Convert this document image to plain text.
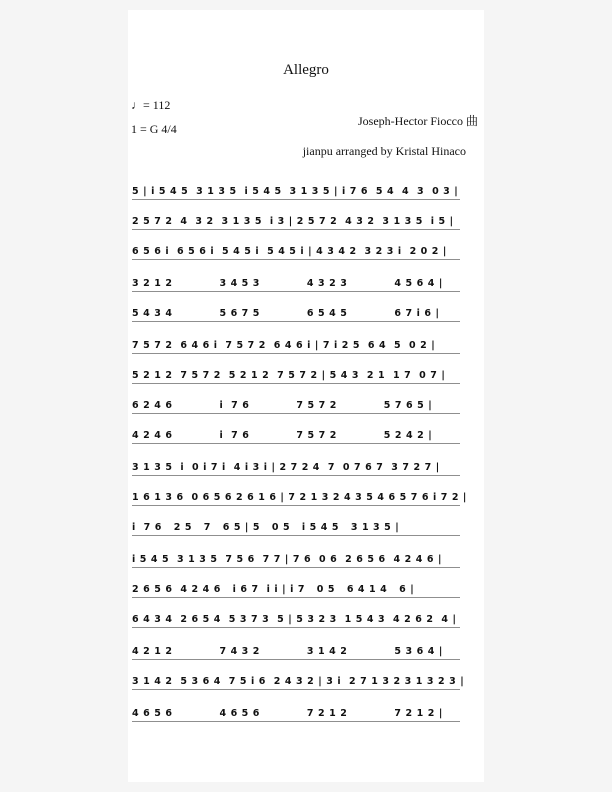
Allegro
♩= 112
1 = G 4/4
Joseph-Hector Fiocco 曲
jianpu arranged by Kristal Hinaco
5 | i 5 4 5  3 1 3 5  i 5 4 5  3 1 3 5 | i 7 6  5 4  4  3  0 3 |
2 5 7 2  4  3 2  3 1 3 5  i 3 | 2 5 7 2  4 3 2  3 1 3 5  i 5 |
6 5 6 i  6 5 6 i  5 4 5 i  5 4 5 i | 4 3 4 2  3 2 3 i  2 0 2 |
3 2 1 2            3 4 5 3            4 3 2 3            4 5 6 4 |
5 4 3 4            5 6 7 5            6 5 4 5            6 7 i 6 |
7 5 7 2  6 4 6 i  7 5 7 2  6 4 6 i | 7 i 2 5  6 4  5  0 2 |
5 2 1 2  7 5 7 2  5 2 1 2  7 5 7 2 | 5 4 3  2 1  1 7  0 7 |
6 2 4 6            i  7 6            7 5 7 2            5 7 6 5 |
4 2 4 6            i  7 6            7 5 7 2            5 2 4 2 |
3 1 3 5  i  0 i 7 i  4 i 3 i | 2 7 2 4  7  0 7 6 7  3 7 2 7 |
1 6 1 3 6  0 6 5 6 2 6 1 6 | 7 2 1 3 2 4 3 5 4 6 5 7 6 i 7 2 |
i  7 6   2 5   7   6 5 | 5   0 5   i 5 4 5   3 1 3 5 |
i 5 4 5  3 1 3 5  7 5 6  7 7 | 7 6  0 6  2 6 5 6  4 2 4 6 |
2 6 5 6  4 2 4 6   i 6 7  i i | i 7   0 5   6 4 1 4   6 |
6 4 3 4  2 6 5 4  5 3 7 3  5 | 5 3 2 3  1 5 4 3  4 2 6 2  4 |
4 2 1 2            7 4 3 2            3 1 4 2            5 3 6 4 |
3 1 4 2  5 3 6 4  7 5 i 6  2 4 3 2 | 3 i  2 7 1 3 2 3 1 3 2 3 |
4 6 5 6            4 6 5 6            7 2 1 2            7 2 1 2 |
